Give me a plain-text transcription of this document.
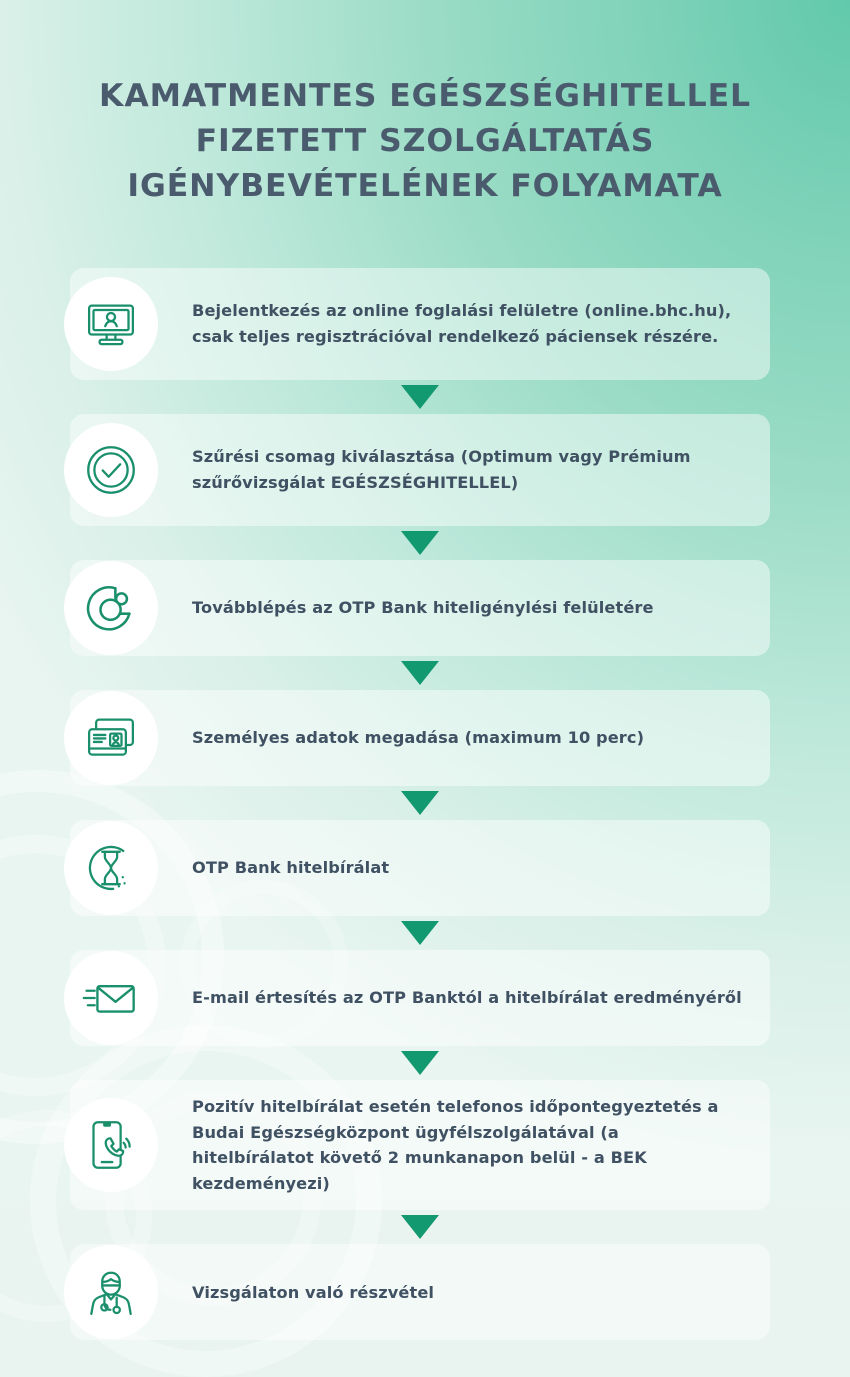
KAMATMENTES EGÉSZSÉGHITELLEL
FIZETETT SZOLGÁLTATÁS
IGÉNYBEVÉTELÉNEK FOLYAMATA
Bejelentkezés az online foglalási felületre (online.bhc.hu), csak teljes regisztrációval rendelkező páciensek részére.
Szűrési csomag kiválasztása (Optimum vagy Prémium szűrővizsgálat EGÉSZSÉGHITELLEL)
Továbblépés az OTP Bank hiteligénylési felületére
Személyes adatok megadása (maximum 10 perc)
OTP Bank hitelbírálat
E-mail értesítés az OTP Banktól a hitelbírálat eredményéről
Pozitív hitelbírálat esetén telefonos időpontegyeztetés a Budai Egészségközpont ügyfélszolgálatával (a hitelbírálatot követő 2 munkanapon belül - a BEK kezdeményezi)
Vizsgálaton való részvétel
